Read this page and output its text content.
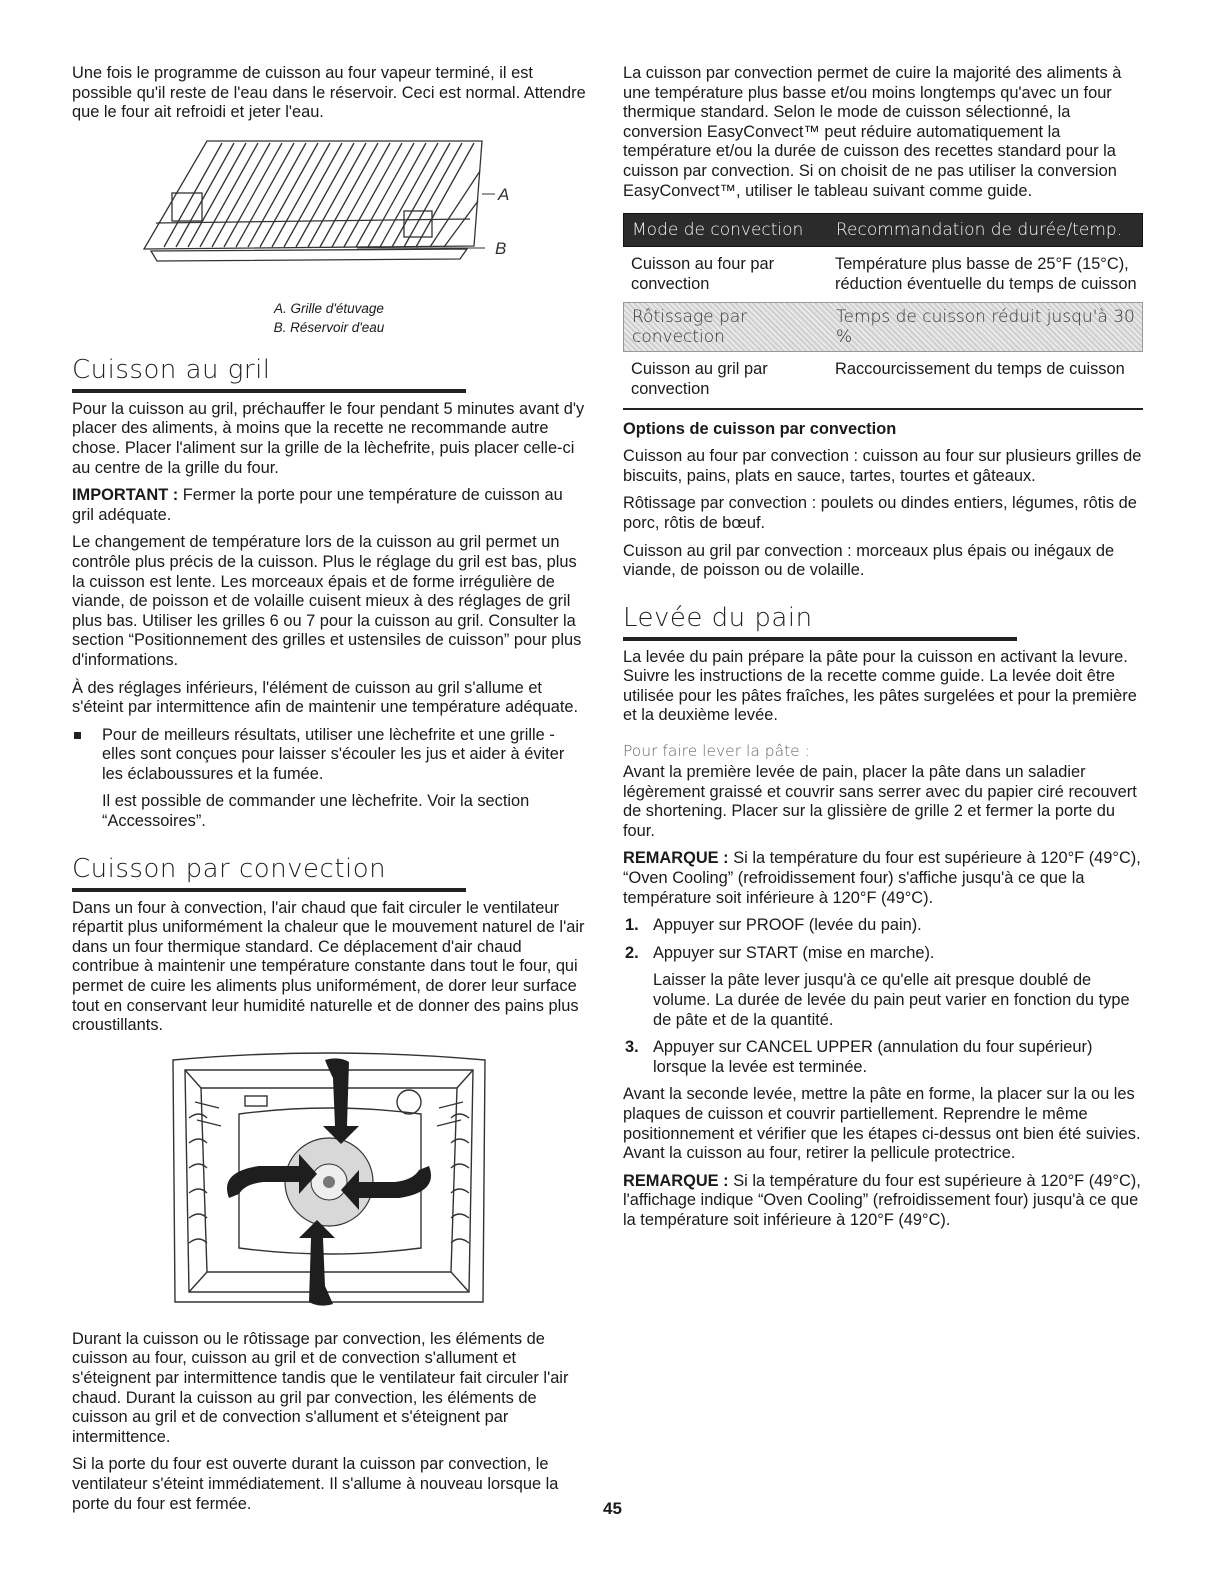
Une fois le programme de cuisson au four vapeur terminé, il est possible qu'il reste de l'eau dans le réservoir. Ceci est normal. Attendre que le four ait refroidi et jeter l'eau.

A
B

A. Grille d'étuvage

B. Réservoir d'eau

Cuisson au gril

Pour la cuisson au gril, préchauffer le four pendant 5 minutes avant d'y placer des aliments, à moins que la recette ne recommande autre chose. Placer l'aliment sur la grille de la lèchefrite, puis placer celle-ci au centre de la grille du four.

IMPORTANT : Fermer la porte pour une température de cuisson au gril adéquate.

Le changement de température lors de la cuisson au gril permet un contrôle plus précis de la cuisson. Plus le réglage du gril est bas, plus la cuisson est lente. Les morceaux épais et de forme irrégulière de viande, de poisson et de volaille cuisent mieux à des réglages de gril plus bas. Utiliser les grilles 6 ou 7 pour la cuisson au gril. Consulter la section “Positionnement des grilles et ustensiles de cuisson” pour plus d'informations.

À des réglages inférieurs, l'élément de cuisson au gril s'allume et s'éteint par intermittence afin de maintenir une température adéquate.

Pour de meilleurs résultats, utiliser une lèchefrite et une grille - elles sont conçues pour laisser s'écouler les jus et aider à éviter les éclaboussures et la fumée.

Il est possible de commander une lèchefrite. Voir la section “Accessoires”.

Cuisson par convection

Dans un four à convection, l'air chaud que fait circuler le ventilateur répartit plus uniformément la chaleur que le mouvement naturel de l'air dans un four thermique standard. Ce déplacement d'air chaud contribue à maintenir une température constante dans tout le four, qui permet de cuire les aliments plus uniformément, de dorer leur surface tout en conservant leur humidité naturelle et de donner des pains plus croustillants.

Durant la cuisson ou le rôtissage par convection, les éléments de cuisson au four, cuisson au gril et de convection s'allument et s'éteignent par intermittence tandis que le ventilateur fait circuler l'air chaud. Durant la cuisson au gril par convection, les éléments de cuisson au gril et de convection s'allument et s'éteignent par intermittence.

Si la porte du four est ouverte durant la cuisson par convection, le ventilateur s'éteint immédiatement. Il s'allume à nouveau lorsque la porte du four est fermée.

La cuisson par convection permet de cuire la majorité des aliments à une température plus basse et/ou moins longtemps qu'avec un four thermique standard. Selon le mode de cuisson sélectionné, la conversion EasyConvect™ peut réduire automatiquement la température et/ou la durée de cuisson des recettes standard pour la cuisson par convection. Si on choisit de ne pas utiliser la conversion EasyConvect™, utiliser le tableau suivant comme guide.

Mode de convection	Recommandation de durée/temp.
Cuisson au four par convection
Température plus basse de 25°F (15°C), réduction éventuelle du temps de cuisson
Rôtissage par convection
Temps de cuisson réduit jusqu'à 30 %
Cuisson au gril par convection
Raccourcissement du temps de cuisson

Options de cuisson par convection

Cuisson au four par convection : cuisson au four sur plusieurs grilles de biscuits, pains, plats en sauce, tartes, tourtes et gâteaux.

Rôtissage par convection : poulets ou dindes entiers, légumes, rôtis de porc, rôtis de bœuf.

Cuisson au gril par convection : morceaux plus épais ou inégaux de viande, de poisson ou de volaille.

Levée du pain

La levée du pain prépare la pâte pour la cuisson en activant la levure. Suivre les instructions de la recette comme guide. La levée doit être utilisée pour les pâtes fraîches, les pâtes surgelées et pour la première et la deuxième levée.

Pour faire lever la pâte :

Avant la première levée de pain, placer la pâte dans un saladier légèrement graissé et couvrir sans serrer avec du papier ciré recouvert de shortening. Placer sur la glissière de grille 2 et fermer la porte du four.

REMARQUE : Si la température du four est supérieure à 120°F (49°C), “Oven Cooling” (refroidissement four) s'affiche jusqu'à ce que la température soit inférieure à 120°F (49°C).

1. Appuyer sur PROOF (levée du pain).

2. Appuyer sur START (mise en marche).

Laisser la pâte lever jusqu'à ce qu'elle ait presque doublé de volume. La durée de levée du pain peut varier en fonction du type de pâte et de la quantité.

3. Appuyer sur CANCEL UPPER (annulation du four supérieur) lorsque la levée est terminée.

Avant la seconde levée, mettre la pâte en forme, la placer sur la ou les plaques de cuisson et couvrir partiellement. Reprendre le même positionnement et vérifier que les étapes ci-dessus ont bien été suivies. Avant la cuisson au four, retirer la pellicule protectrice.

REMARQUE : Si la température du four est supérieure à 120°F (49°C), l'affichage indique “Oven Cooling” (refroidissement four) jusqu'à ce que la température soit inférieure à 120°F (49°C).

45
